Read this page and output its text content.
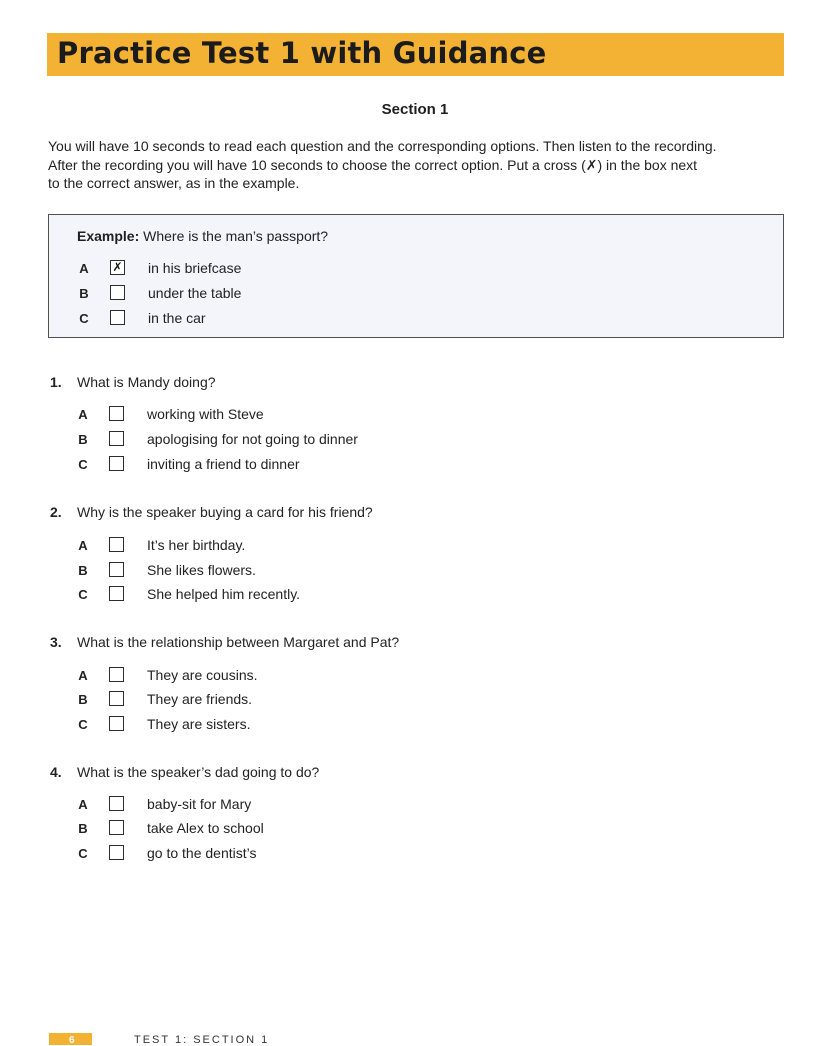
Practice Test 1 with Guidance
Section 1
You will have 10 seconds to read each question and the corresponding options. Then listen to the recording.
After the recording you will have 10 seconds to choose the correct option. Put a cross (✗) in the box next
to the correct answer, as in the example.
Example: Where is the man’s passport?
A ✗ in his briefcase
B	under the table
C	in the car
1. What is Mandy doing?
A	working with Steve
B	apologising for not going to dinner
C	inviting a friend to dinner
2. Why is the speaker buying a card for his friend?
A	It’s her birthday.
B	She likes flowers.
C	She helped him recently.
3. What is the relationship between Margaret and Pat?
A	They are cousins.
B	They are friends.
C	They are sisters.
4. What is the speaker’s dad going to do?
A	baby-sit for Mary
B	take Alex to school
C	go to the dentist’s
6	TEST 1: SECTION 1
